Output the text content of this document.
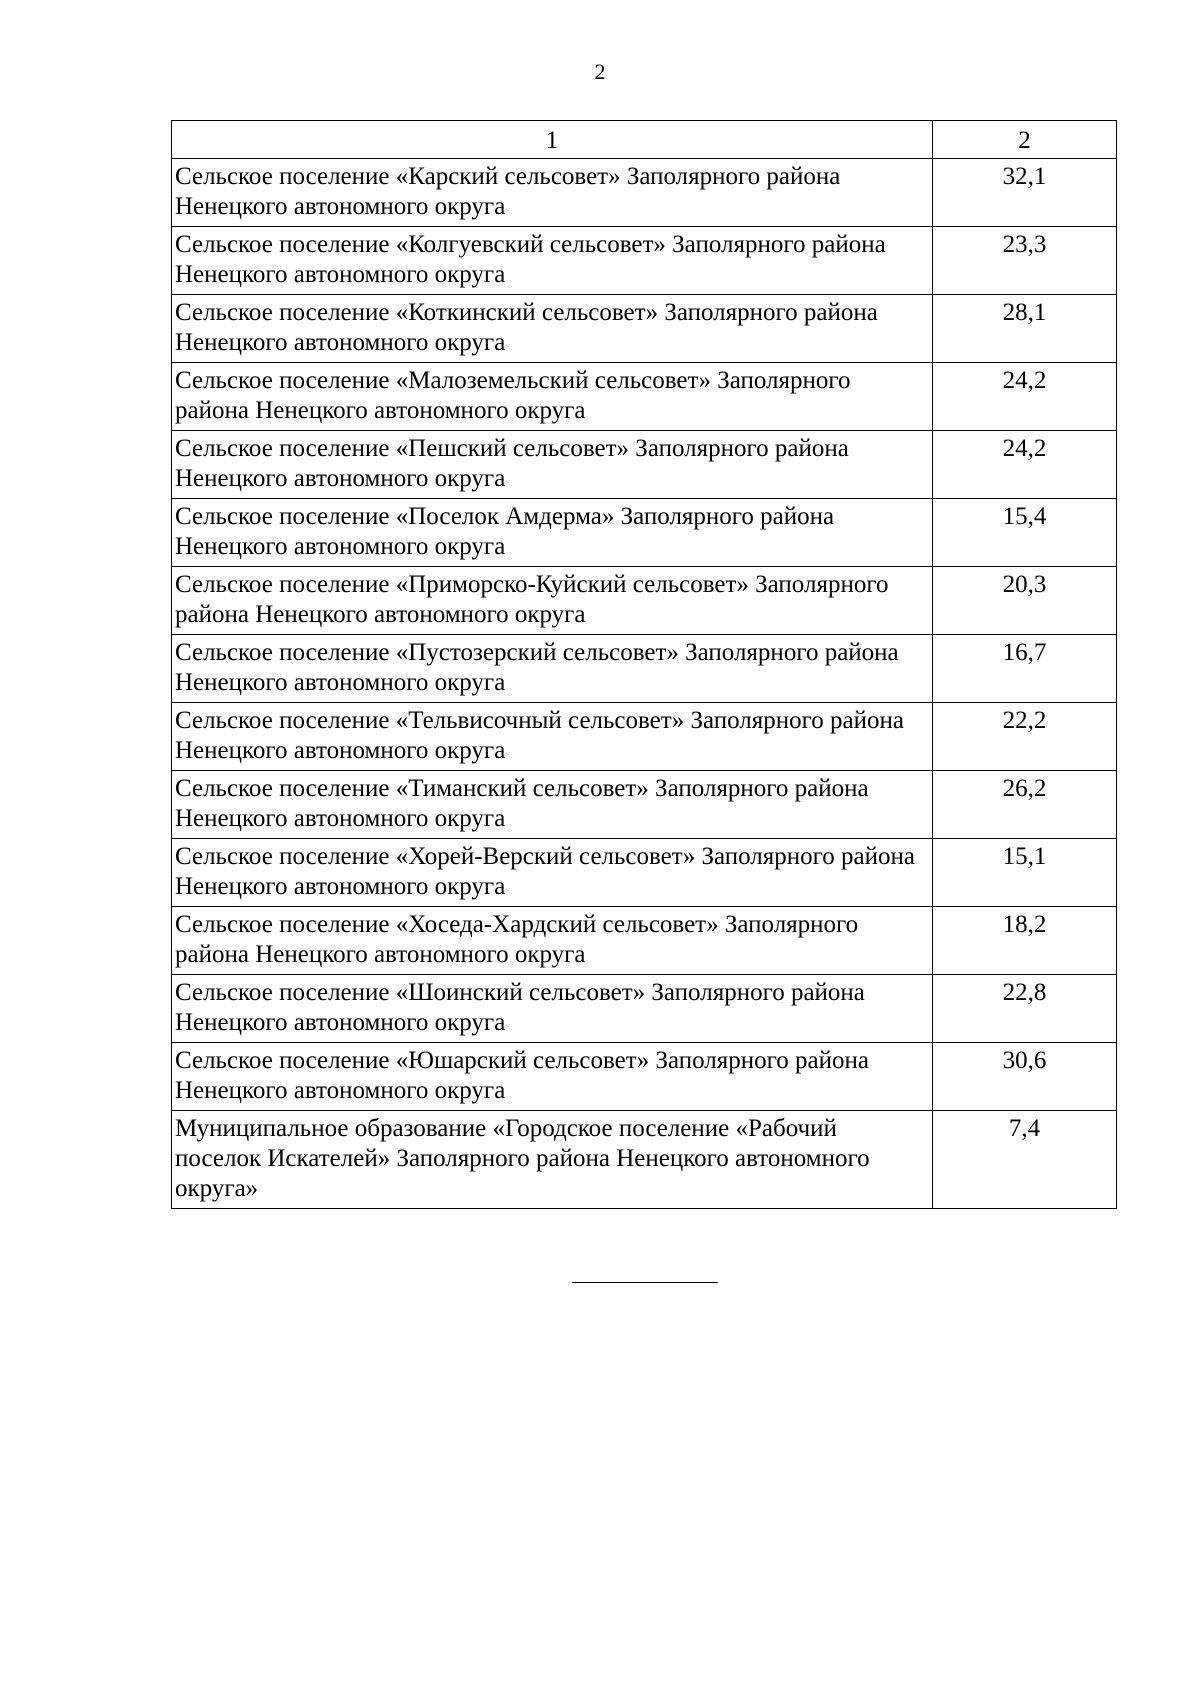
2
1	2
Сельское поселение «Карский сельсовет» Заполярного района Ненецкого автономного округа	32,1
Сельское поселение «Колгуевский сельсовет» Заполярного района Ненецкого автономного округа	23,3
Сельское поселение «Коткинский сельсовет» Заполярного района Ненецкого автономного округа	28,1
Сельское поселение «Малоземельский сельсовет» Заполярного района Ненецкого автономного округа	24,2
Сельское поселение «Пешский сельсовет» Заполярного района Ненецкого автономного округа	24,2
Сельское поселение «Поселок Амдерма» Заполярного района Ненецкого автономного округа	15,4
Сельское поселение «Приморско-Куйский сельсовет» Заполярного района Ненецкого автономного округа	20,3
Сельское поселение «Пустозерский сельсовет» Заполярного района Ненецкого автономного округа	16,7
Сельское поселение «Тельвисочный сельсовет» Заполярного района Ненецкого автономного округа	22,2
Сельское поселение «Тиманский сельсовет» Заполярного района Ненецкого автономного округа	26,2
Сельское поселение «Хорей-Верский сельсовет» Заполярного района Ненецкого автономного округа	15,1
Сельское поселение «Хоседа-Хардский сельсовет» Заполярного района Ненецкого автономного округа	18,2
Сельское поселение «Шоинский сельсовет» Заполярного района Ненецкого автономного округа	22,8
Сельское поселение «Юшарский сельсовет» Заполярного района Ненецкого автономного округа	30,6
Муниципальное образование «Городское поселение «Рабочий поселок Искателей» Заполярного района Ненецкого автономного округа»	7,4
